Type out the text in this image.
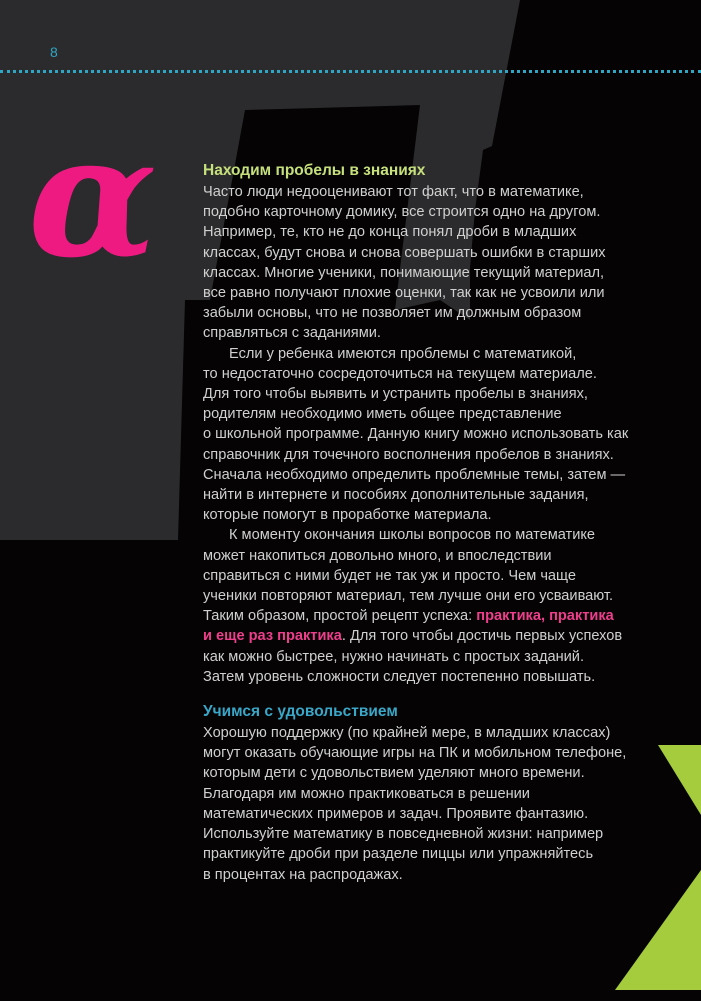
8
α	Находим пробелы в знаниях

Часто люди недооценивают тот факт, что в математике,
подобно карточному домику, все строится одно на другом.
Например, те, кто не до конца понял дроби в младших
классах, будут снова и снова совершать ошибки в старших
классах. Многие ученики, понимающие текущий материал,
все равно получают плохие оценки, так как не усвоили или
забыли основы, что не позволяет им должным образом
справляться с заданиями.

Если у ребенка имеются проблемы с математикой,
то недостаточно сосредоточиться на текущем материале.
Для того чтобы выявить и устранить пробелы в знаниях,
родителям необходимо иметь общее представление
о школьной программе. Данную книгу можно использовать как
справочник для точечного восполнения пробелов в знаниях.
Сначала необходимо определить проблемные темы, затем —
найти в интернете и пособиях дополнительные задания,
которые помогут в проработке материала.

К моменту окончания школы вопросов по математике
может накопиться довольно много, и впоследствии
справиться с ними будет не так уж и просто. Чем чаще
ученики повторяют материал, тем лучше они его усваивают.
Таким образом, простой рецепт успеха: практика, практика
и еще раз практика. Для того чтобы достичь первых успехов
как можно быстрее, нужно начинать с простых заданий.
Затем уровень сложности следует постепенно повышать.

Учимся с удовольствием

Хорошую поддержку (по крайней мере, в младших классах)
могут оказать обучающие игры на ПК и мобильном телефоне,
которым дети с удовольствием уделяют много времени.
Благодаря им можно практиковаться в решении
математических примеров и задач. Проявите фантазию.
Используйте математику в повседневной жизни: например
практикуйте дроби при разделе пиццы или упражняйтесь
в процентах на распродажах.
